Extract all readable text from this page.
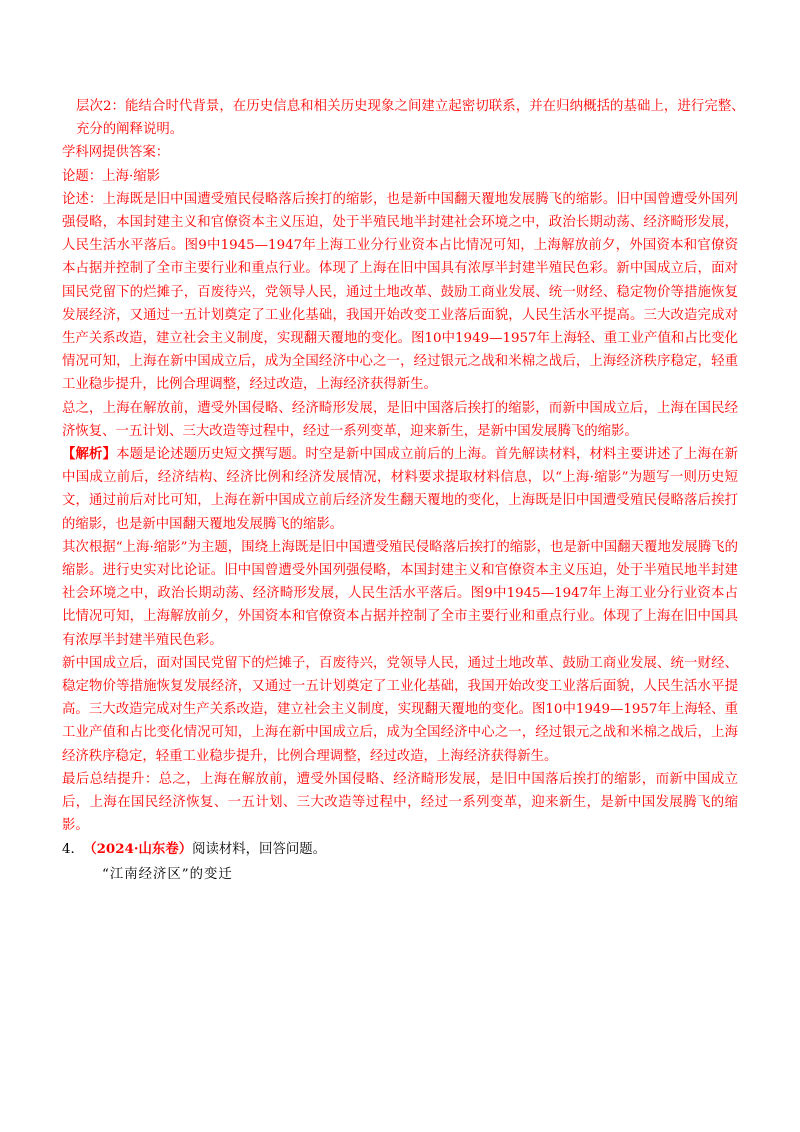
层次2：能结合时代背景，在历史信息和相关历史现象之间建立起密切联系，并在归纳概括的基础上，进行完整、　充分的阐释说明。

学科网提供答案：

论题：上海·缩影

论述：上海既是旧中国遭受殖民侵略落后挨打的缩影，也是新中国翻天覆地发展腾飞的缩影。旧中国曾遭受外国列强侵略，本国封建主义和官僚资本主义压迫，处于半殖民地半封建社会环境之中，政治长期动荡、经济畸形发展，人民生活水平落后。图9中1945—1947年上海工业分行业资本占比情况可知，上海解放前夕，外国资本和官僚资本占据并控制了全市主要行业和重点行业。体现了上海在旧中国具有浓厚半封建半殖民色彩。新中国成立后，面对国民党留下的烂摊子，百废待兴，党领导人民，通过土地改革、鼓励工商业发展、统一财经、稳定物价等措施恢复发展经济，又通过一五计划奠定了工业化基础，我国开始改变工业落后面貌，人民生活水平提高。三大改造完成对生产关系改造，建立社会主义制度，实现翻天覆地的变化。图10中1949—1957年上海轻、重工业产值和占比变化情况可知，上海在新中国成立后，成为全国经济中心之一，经过银元之战和米棉之战后，上海经济秩序稳定，轻重工业稳步提升，比例合理调整，经过改造，上海经济获得新生。

总之，上海在解放前，遭受外国侵略、经济畸形发展，是旧中国落后挨打的缩影，而新中国成立后，上海在国民经济恢复、一五计划、三大改造等过程中，经过一系列变革，迎来新生，是新中国发展腾飞的缩影。

【解析】本题是论述题历史短文撰写题。时空是新中国成立前后的上海。首先解读材料，材料主要讲述了上海在新中国成立前后，经济结构、经济比例和经济发展情况，材料要求提取材料信息，以“上海·缩影”为题写一则历史短文，通过前后对比可知，上海在新中国成立前后经济发生翻天覆地的变化，上海既是旧中国遭受殖民侵略落后挨打的缩影，也是新中国翻天覆地发展腾飞的缩影。

其次根据“上海·缩影”为主题，围绕上海既是旧中国遭受殖民侵略落后挨打的缩影，也是新中国翻天覆地发展腾飞的缩影。进行史实对比论证。旧中国曾遭受外国列强侵略，本国封建主义和官僚资本主义压迫，处于半殖民地半封建社会环境之中，政治长期动荡、经济畸形发展，人民生活水平落后。图9中1945—1947年上海工业分行业资本占比情况可知，上海解放前夕，外国资本和官僚资本占据并控制了全市主要行业和重点行业。体现了上海在旧中国具有浓厚半封建半殖民色彩。

新中国成立后，面对国民党留下的烂摊子，百废待兴，党领导人民，通过土地改革、鼓励工商业发展、统一财经、稳定物价等措施恢复发展经济，又通过一五计划奠定了工业化基础，我国开始改变工业落后面貌，人民生活水平提高。三大改造完成对生产关系改造，建立社会主义制度，实现翻天覆地的变化。图10中1949—1957年上海轻、重工业产值和占比变化情况可知，上海在新中国成立后，成为全国经济中心之一，经过银元之战和米棉之战后，上海经济秩序稳定，轻重工业稳步提升，比例合理调整，经过改造，上海经济获得新生。

最后总结提升：总之，上海在解放前，遭受外国侵略、经济畸形发展，是旧中国落后挨打的缩影，而新中国成立后，上海在国民经济恢复、一五计划、三大改造等过程中，经过一系列变革，迎来新生，是新中国发展腾飞的缩影。

4． （2024·山东卷）阅读材料，回答问题。

“江南经济区”的变迁
